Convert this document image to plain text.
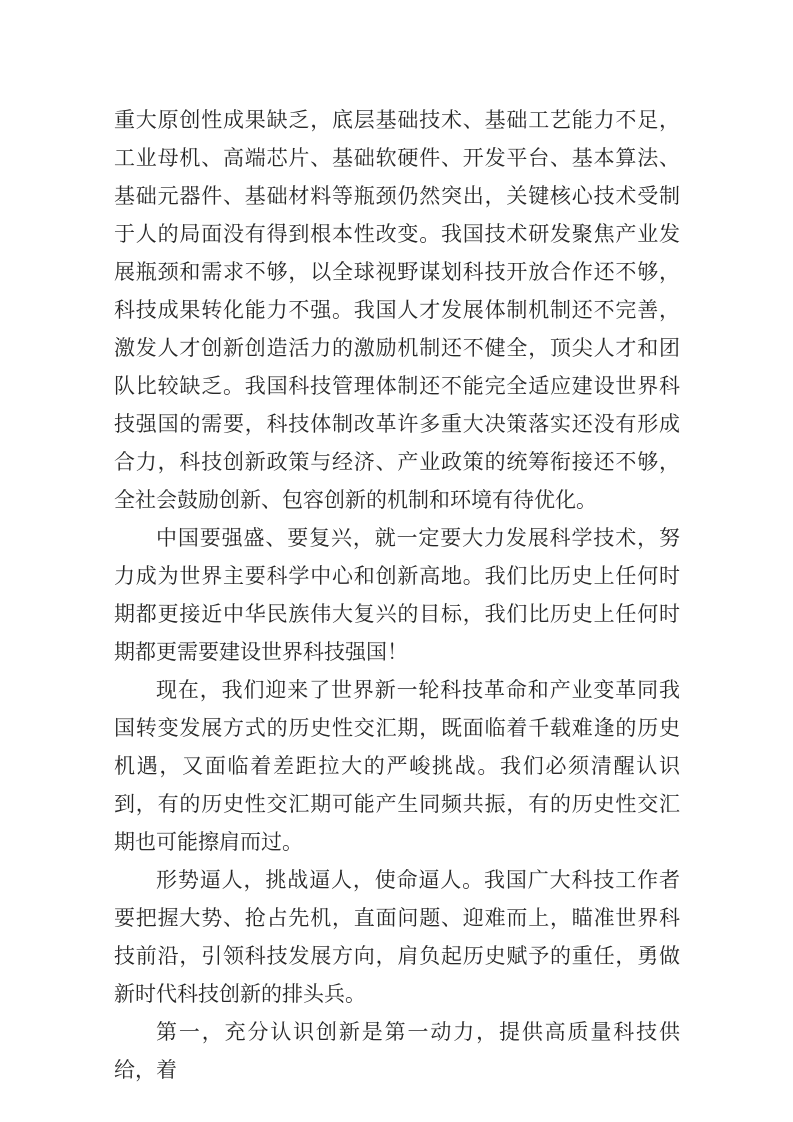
重大原创性成果缺乏，底层基础技术、基础工艺能力不足，工业母机、高端芯片、基础软硬件、开发平台、基本算法、基础元器件、基础材料等瓶颈仍然突出，关键核心技术受制于人的局面没有得到根本性改变。我国技术研发聚焦产业发展瓶颈和需求不够，以全球视野谋划科技开放合作还不够，科技成果转化能力不强。我国人才发展体制机制还不完善，激发人才创新创造活力的激励机制还不健全，顶尖人才和团队比较缺乏。我国科技管理体制还不能完全适应建设世界科技强国的需要，科技体制改革许多重大决策落实还没有形成合力，科技创新政策与经济、产业政策的统筹衔接还不够，全社会鼓励创新、包容创新的机制和环境有待优化。

中国要强盛、要复兴，就一定要大力发展科学技术，努力成为世界主要科学中心和创新高地。我们比历史上任何时期都更接近中华民族伟大复兴的目标，我们比历史上任何时期都更需要建设世界科技强国！

现在，我们迎来了世界新一轮科技革命和产业变革同我国转变发展方式的历史性交汇期，既面临着千载难逢的历史机遇，又面临着差距拉大的严峻挑战。我们必须清醒认识到，有的历史性交汇期可能产生同频共振，有的历史性交汇期也可能擦肩而过。

形势逼人，挑战逼人，使命逼人。我国广大科技工作者要把握大势、抢占先机，直面问题、迎难而上，瞄准世界科技前沿，引领科技发展方向，肩负起历史赋予的重任，勇做新时代科技创新的排头兵。

第一，充分认识创新是第一动力，提供高质量科技供给，着
